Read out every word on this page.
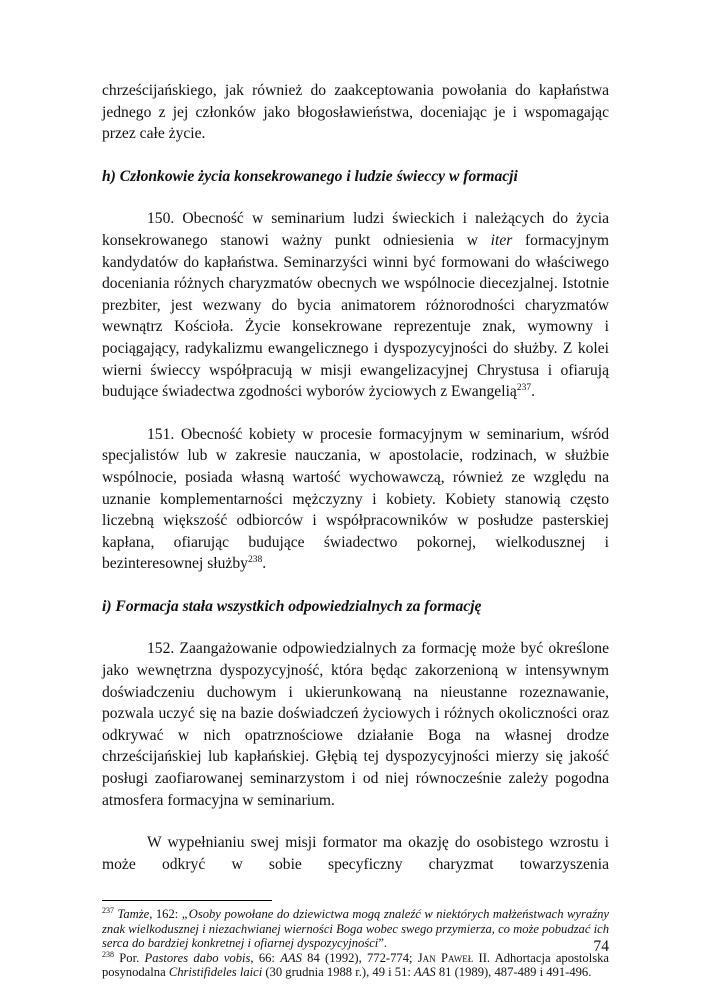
chrześcijańskiego, jak również do zaakceptowania powołania do kapłaństwa jednego z jej członków jako błogosławieństwa, doceniając je i wspomagając przez całe życie.

h) Członkowie życia konsekrowanego i ludzie świeccy w formacji

150. Obecność w seminarium ludzi świeckich i należących do życia konsekrowanego stanowi ważny punkt odniesienia w iter formacyjnym kandydatów do kapłaństwa. Seminarzyści winni być formowani do właściwego doceniania różnych charyzmatów obecnych we wspólnocie diecezjalnej. Istotnie prezbiter, jest wezwany do bycia animatorem różnorodności charyzmatów wewnątrz Kościoła. Życie konsekrowane reprezentuje znak, wymowny i pociągający, radykalizmu ewangelicznego i dyspozycyjności do służby. Z kolei wierni świeccy współpracują w misji ewangelizacyjnej Chrystusa i ofiarują budujące świadectwa zgodności wyborów życiowych z Ewangelią$^{237}$.

151. Obecność kobiety w procesie formacyjnym w seminarium, wśród specjalistów lub w zakresie nauczania, w apostolacie, rodzinach, w służbie wspólnocie, posiada własną wartość wychowawczą, również ze względu na uznanie komplementarności mężczyzny i kobiety. Kobiety stanowią często liczebną większość odbiorców i współpracowników w posłudze pasterskiej kapłana, ofiarując budujące świadectwo pokornej, wielkodusznej i bezinteresownej służby$^{238}$.

i) Formacja stała wszystkich odpowiedzialnych za formację

152. Zaangażowanie odpowiedzialnych za formację może być określone jako wewnętrzna dyspozycyjność, która będąc zakorzenioną w intensywnym doświadczeniu duchowym i ukierunkowaną na nieustanne rozeznawanie, pozwala uczyć się na bazie doświadczeń życiowych i różnych okoliczności oraz odkrywać w nich opatrznościowe działanie Boga na własnej drodze chrześcijańskiej lub kapłańskiej. Głębią tej dyspozycyjności mierzy się jakość posługi zaofiarowanej seminarzystom i od niej równocześnie zależy pogodna atmosfera formacyjna w seminarium.

W wypełnianiu swej misji formator ma okazję do osobistego wzrostu i może odkryć w sobie specyficzny charyzmat towarzyszenia

$^{237}$ Tamże, 162: „Osoby powołane do dziewictwa mogą znaleźć w niektórych małżeństwach wyraźny znak wielkodusznej i niezachwianej wierności Boga wobec swego przymierza, co może pobudzać ich serca do bardziej konkretnej i ofiarnej dyspozycyjności”.

$^{238}$ Por. Pastores dabo vobis, 66: AAS 84 (1992), 772-774; Jan Paweł II. Adhortacja apostolska posynodalna Christifideles laici (30 grudnia 1988 r.), 49 i 51: AAS 81 (1989), 487-489 i 491-496.

74
